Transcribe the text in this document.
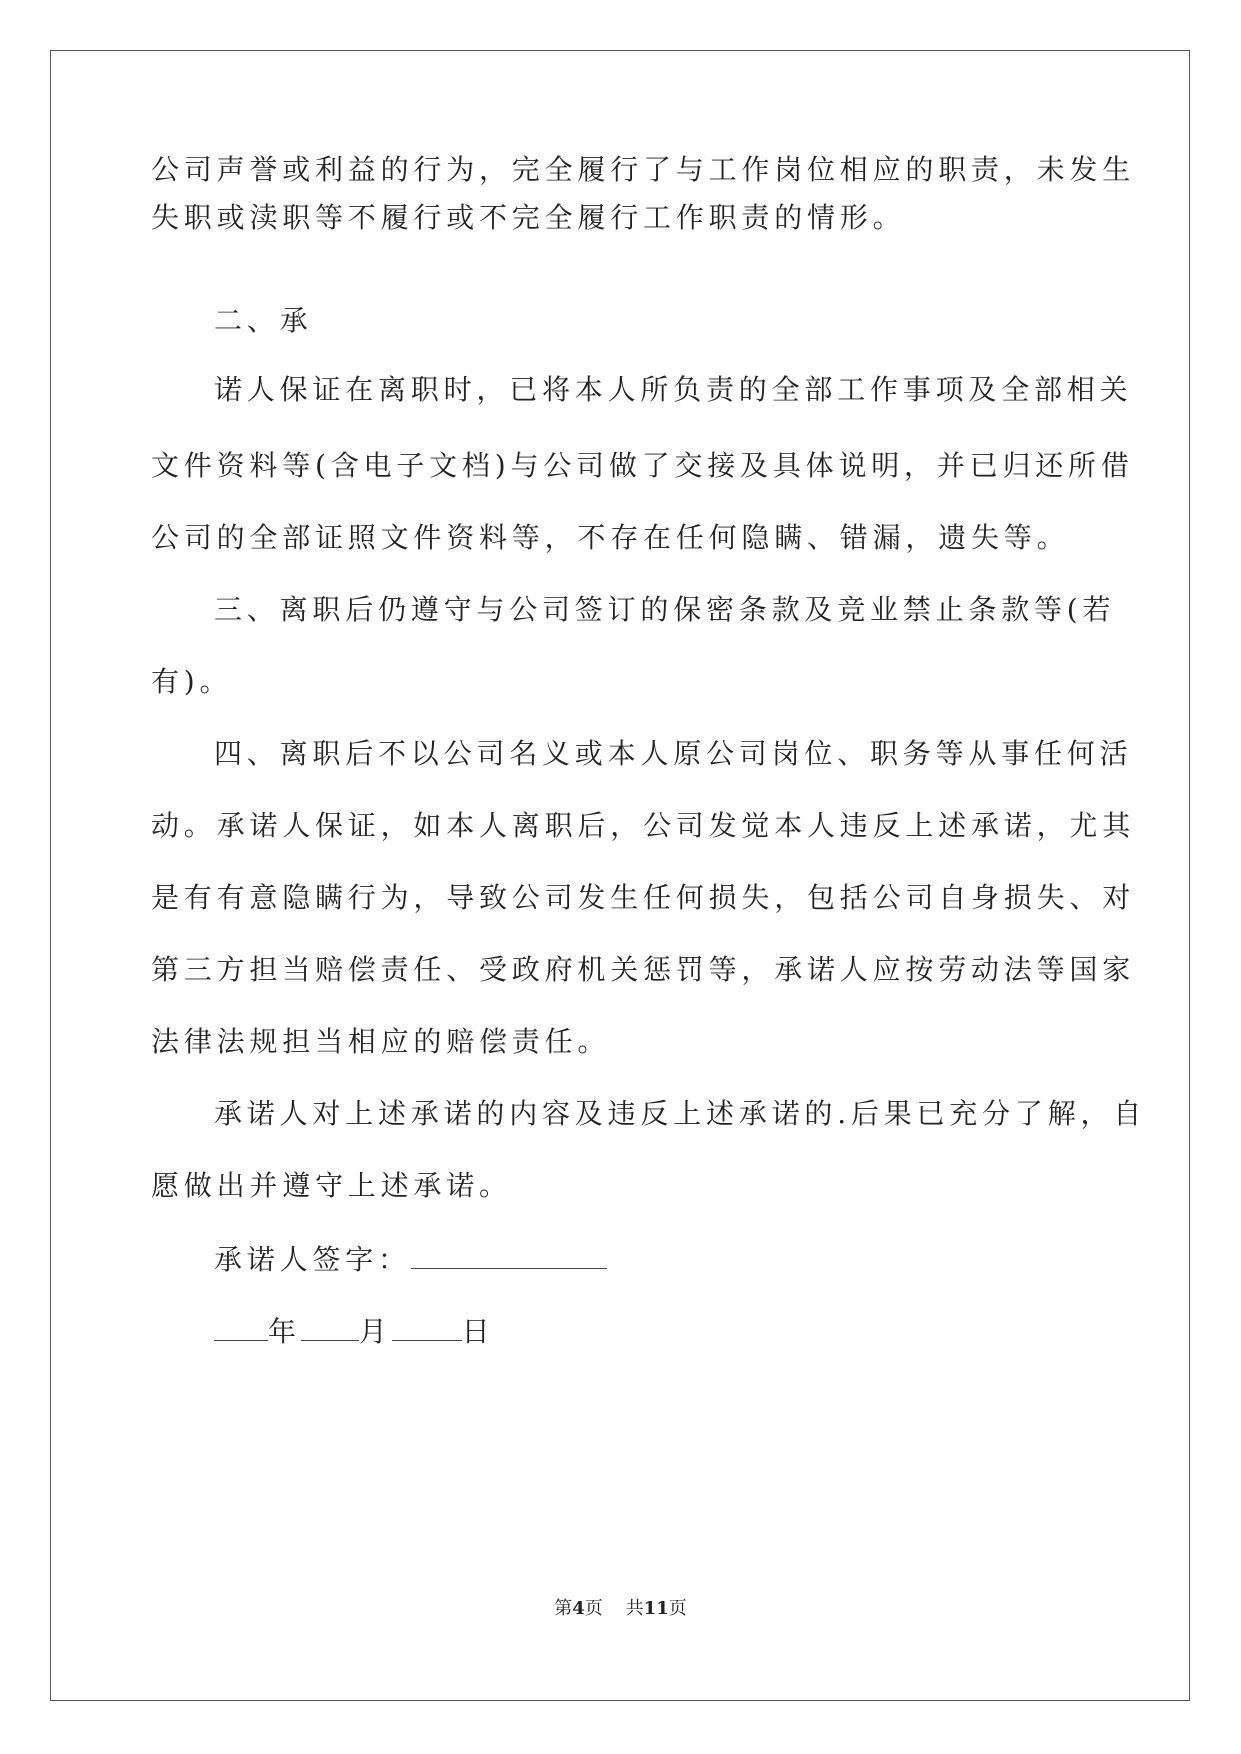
公司声誉或利益的行为，完全履行了与工作岗位相应的职责，未发生
失职或渎职等不履行或不完全履行工作职责的情形。
二、承
诺人保证在离职时，已将本人所负责的全部工作事项及全部相关
文件资料等(含电子文档)与公司做了交接及具体说明，并已归还所借
公司的全部证照文件资料等，不存在任何隐瞒、错漏，遗失等。
三、离职后仍遵守与公司签订的保密条款及竞业禁止条款等(若
有)。
四、离职后不以公司名义或本人原公司岗位、职务等从事任何活
动。承诺人保证，如本人离职后，公司发觉本人违反上述承诺，尤其
是有有意隐瞒行为，导致公司发生任何损失，包括公司自身损失、对
第三方担当赔偿责任、受政府机关惩罚等，承诺人应按劳动法等国家
法律法规担当相应的赔偿责任。
承诺人对上述承诺的内容及违反上述承诺的.后果已充分了解，自
愿做出并遵守上述承诺。
承诺人签字：
年 月	日
第4页 共11页
